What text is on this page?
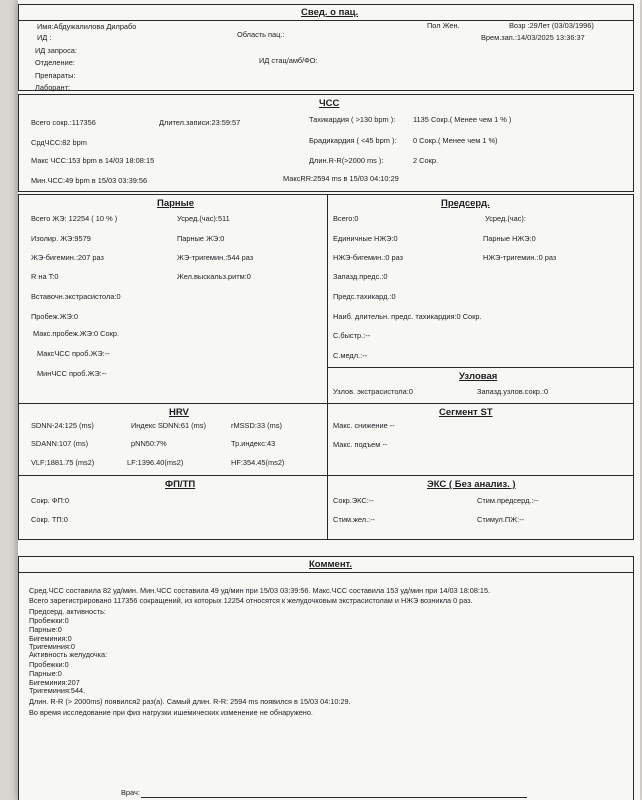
Свед. о пац.
Имя:Абдужалилова Дилрабо
ИД :	Область пац.:
Пол Жен.	Возр :29Лет (03/03/1996)
Врем.зап.:14/03/2025 13:36:37
ИД запроса:
Отделение:	ИД стац/амб/ФО:
Препараты:
Лаборант:
ЧСС
Всего сокр.:117356	Длител.записи:23:59:57	Тахикардия ( >130 bpm ): 1135 Сокр.( Менее чем 1 % )
СрдЧСС:82 bpm	Брадикардия ( <45 bpm ): 0 Сокр.( Менее чем 1 %)
Макс ЧСС:153 bpm в 14/03 18:08:15	Длин.R-R(>2000 ms ):	2 Сокр.
Мин.ЧСС:49 bpm в 15/03 03:39:56	МаксRR:2594 ms в 15/03 04:10:29
Парные
Всего ЖЭ: 12254 ( 10 % )	Усред.(час):511
Изолир. ЖЭ:9579	Парные ЖЭ:0
ЖЭ-бигемин.:207 раз	ЖЭ-тригемин.:544 раз
R на T:0	Жел.выскальз.ритм:0
Вставочн.экстрасистола:0
Пробеж.ЖЭ:0
Макс.пробеж.ЖЭ:0 Сокр.
МаксЧСС проб.ЖЭ:--
МинЧСС проб.ЖЭ:--
Предсерд.
Всего:0	Усред.(час):
Единичные НЖЭ:0	Парные НЖЭ:0
НЖЭ-бигемин.:0 раз	НЖЭ-тригемин.:0 раз
Запазд.предс.:0
Предс.тахикард.:0
Наиб. длительн. предс. тахикардия:0 Сокр.
С.быстр.:--
С.медл.:--
Узловая
Узлов. экстрасистола:0	Запазд.узлов.сокр.:0
HRV
SDNN-24:125 (ms)	Индекс SDNN:61 (ms)	rMSSD:33 (ms)
SDANN:107 (ms)	pNN50:7%	Тр.индекс:43
VLF:1881.75 (ms2)	LF:1396.40(ms2)	HF:354.45(ms2)
Сегмент ST
Макс. снижение --
Макс. подъем --
ФП/ТП
Сокр. ФП:0
Сокр. ТП:0
ЭКС ( Без анализ. )
Сокр.ЭКС:--	Стим.предсерд.:--
Стим.жел.:--	Стимул.ПЖ:--
Коммент.
Сред.ЧСС составила 82 уд/мин. Мин.ЧСС составила 49 уд/мин при 15/03 03:39:56. Макс.ЧСС составила 153 уд/мин при 14/03 18:08:15.
Всего зарегистрировано 117356 сокращений, из которых 12254 относятся к желудочковым экстрасистолам и НЖЭ возникла 0 раз.
Предсерд. активность:
Пробежки:0
Парные:0
Бигеминия:0
Тригеминия:0
Активность желудочка:
Пробежки:0
Парные:0
Бигеминия:207
Тригеминия:544.
Длин. R-R (> 2000ms) появился2 раз(а). Самый длин. R-R: 2594 ms появился в 15/03 04:10:29.
Во время исследование при физ нагрузки ишемических изменение не обнаружено.
Врач:
